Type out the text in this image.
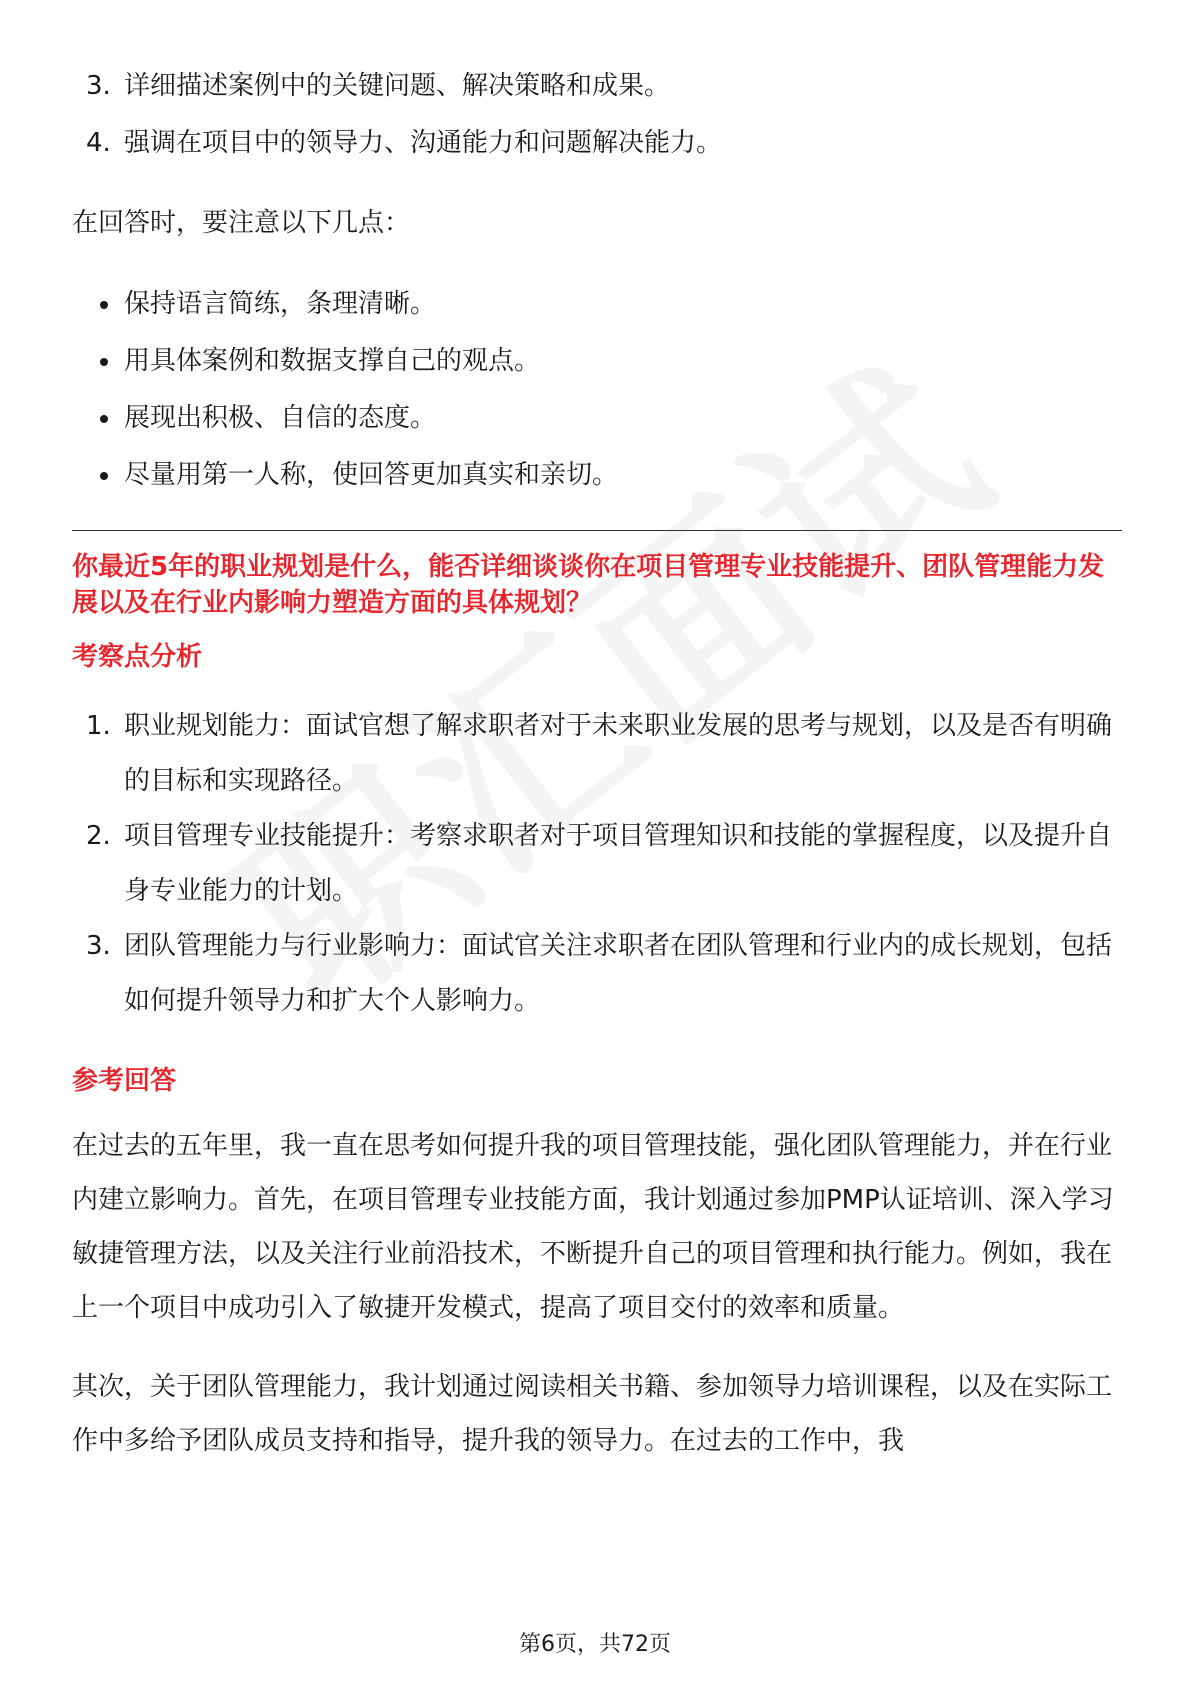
3. 详细描述案例中的关键问题、解决策略和成果。
4. 强调在项目中的领导力、沟通能力和问题解决能力。

在回答时，要注意以下几点：

保持语言简练，条理清晰。
用具体案例和数据支撑自己的观点。
展现出积极、自信的态度。
尽量用第一人称，使回答更加真实和亲切。
你最近5年的职业规划是什么，能否详细谈谈你在项目管理专业技能提升、团队管理能力发展以及在行业内影响力塑造方面的具体规划？
考察点分析
1. 职业规划能力：面试官想了解求职者对于未来职业发展的思考与规划，以及是否有明确的目标和实现路径。
2. 项目管理专业技能提升：考察求职者对于项目管理知识和技能的掌握程度，以及提升自身专业能力的计划。
3. 团队管理能力与行业影响力：面试官关注求职者在团队管理和行业内的成长规划，包括如何提升领导力和扩大个人影响力。
参考回答

在过去的五年里，我一直在思考如何提升我的项目管理技能，强化团队管理能力，并在行业内建立影响力。首先，在项目管理专业技能方面，我计划通过参加PMP认证培训、深入学习敏捷管理方法，以及关注行业前沿技术，不断提升自己的项目管理和执行能力。例如，我在上一个项目中成功引入了敏捷开发模式，提高了项目交付的效率和质量。

其次，关于团队管理能力，我计划通过阅读相关书籍、参加领导力培训课程，以及在实际工作中多给予团队成员支持和指导，提升我的领导力。在过去的工作中，我

第6页，共72页
